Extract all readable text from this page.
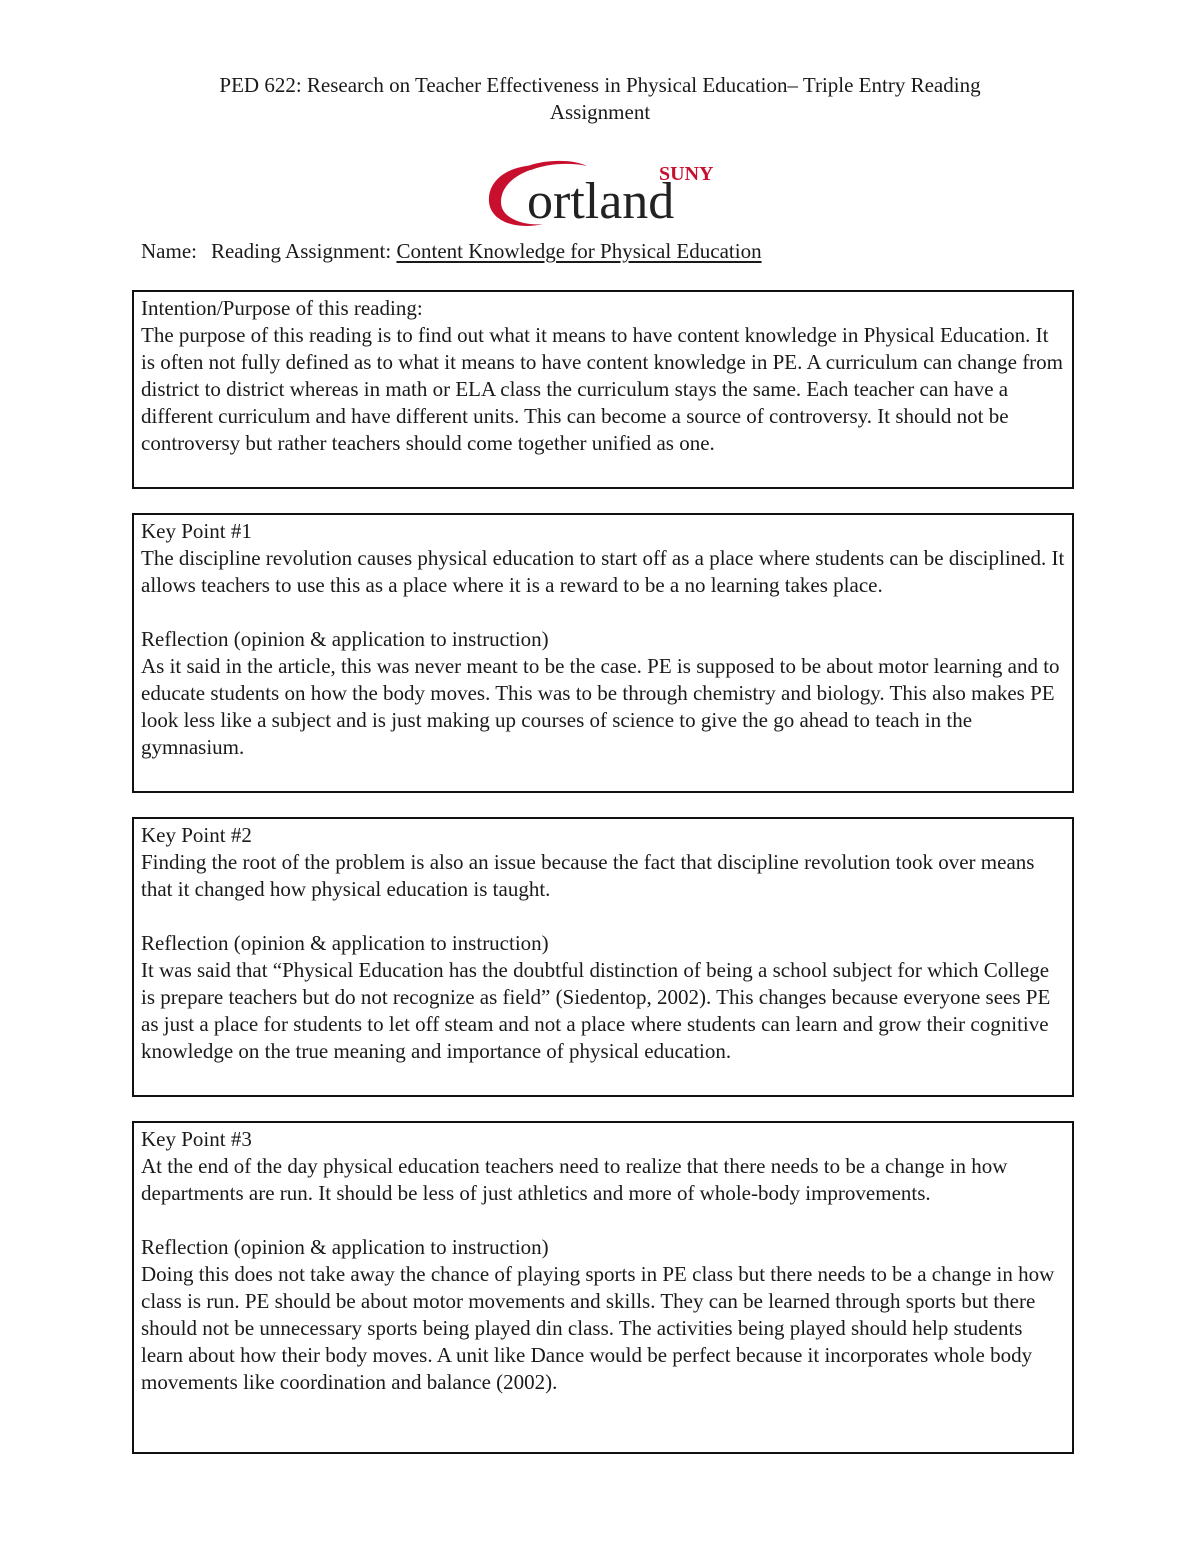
PED 622: Research on Teacher Effectiveness in Physical Education– Triple Entry Reading
Assignment
SUNY
ortland
Name: Reading Assignment: Content Knowledge for Physical Education

Intention/Purpose of this reading:

The purpose of this reading is to find out what it means to have content knowledge in Physical Education. It is often not fully defined as to what it means to have content knowledge in PE. A curriculum can change from district to district whereas in math or ELA class the curriculum stays the same. Each teacher can have a different curriculum and have different units. This can become a source of controversy. It should not be controversy but rather teachers should come together unified as one.

Key Point #1

The discipline revolution causes physical education to start off as a place where students can be disciplined. It allows teachers to use this as a place where it is a reward to be a no learning takes place.

Reflection (opinion & application to instruction)

As it said in the article, this was never meant to be the case. PE is supposed to be about motor learning and to educate students on how the body moves. This was to be through chemistry and biology. This also makes PE look less like a subject and is just making up courses of science to give the go ahead to teach in the gymnasium.

Key Point #2

Finding the root of the problem is also an issue because the fact that discipline revolution took over means that it changed how physical education is taught.

Reflection (opinion & application to instruction)

It was said that “Physical Education has the doubtful distinction of being a school subject for which College is prepare teachers but do not recognize as field” (Siedentop, 2002). This changes because everyone sees PE as just a place for students to let off steam and not a place where students can learn and grow their cognitive knowledge on the true meaning and importance of physical education.

Key Point #3

At the end of the day physical education teachers need to realize that there needs to be a change in how departments are run. It should be less of just athletics and more of whole-body improvements.

Reflection (opinion & application to instruction)

Doing this does not take away the chance of playing sports in PE class but there needs to be a change in how class is run. PE should be about motor movements and skills. They can be learned through sports but there should not be unnecessary sports being played din class. The activities being played should help students learn about how their body moves. A unit like Dance would be perfect because it incorporates whole body movements like coordination and balance (2002).
